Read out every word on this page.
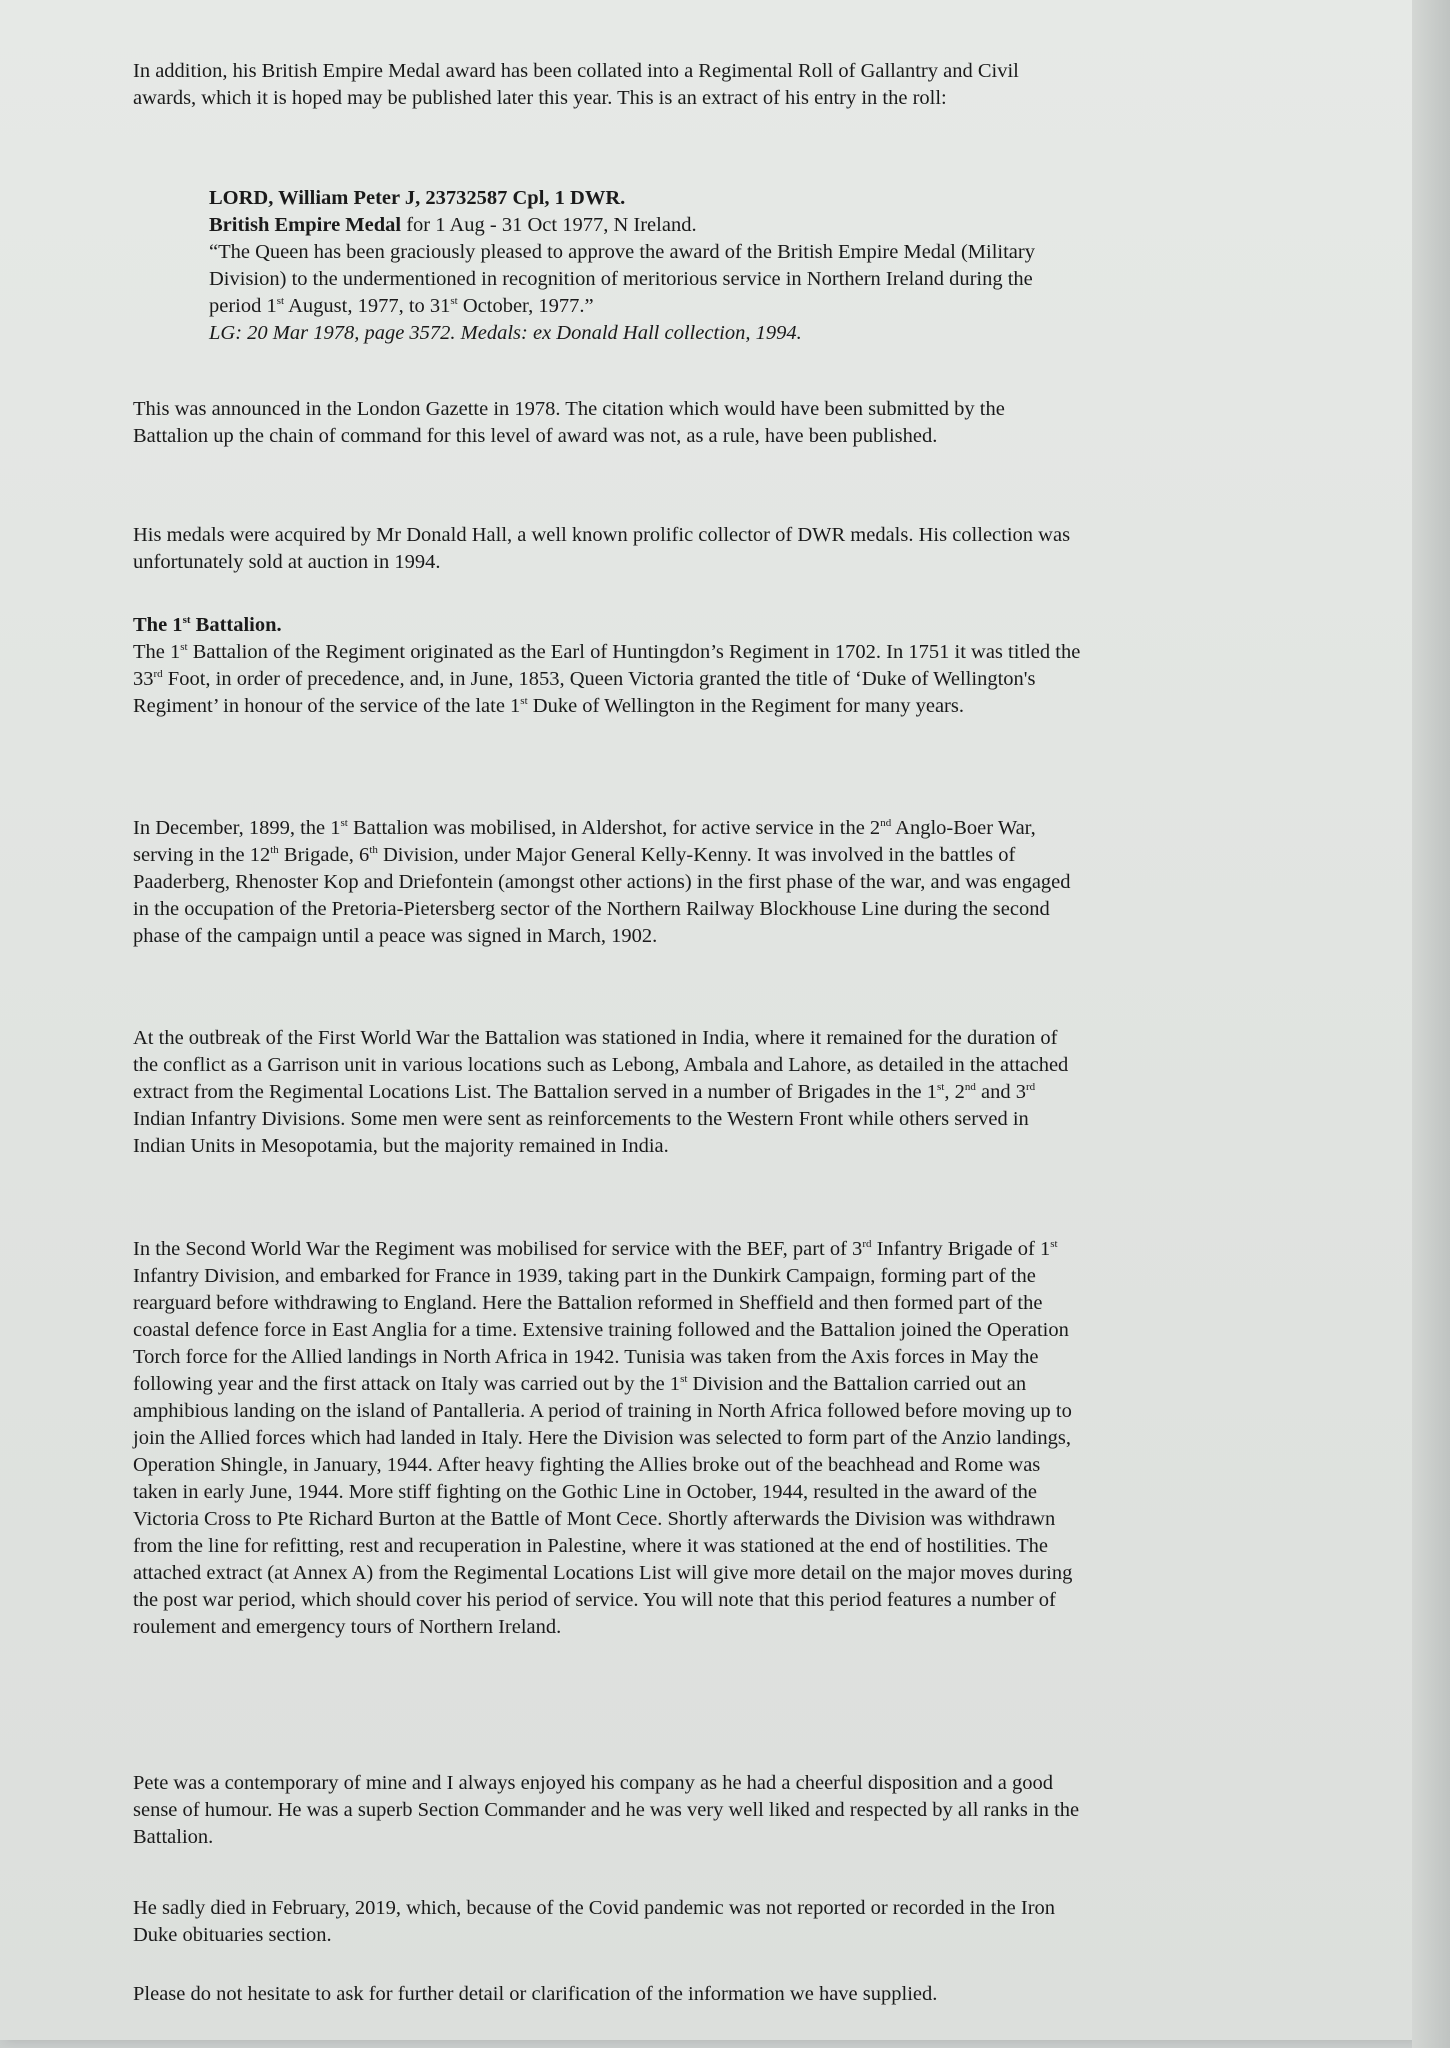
In addition, his British Empire Medal award has been collated into a Regimental Roll of Gallantry and Civil awards, which it is hoped may be published later this year. This is an extract of his entry in the roll:

LORD, William Peter J, 23732587 Cpl, 1 DWR.
British Empire Medal for 1 Aug - 31 Oct 1977, N Ireland.
“The Queen has been graciously pleased to approve the award of the British Empire Medal (Military Division) to the undermentioned in recognition of meritorious service in Northern Ireland during the period 1st August, 1977, to 31st October, 1977.”
LG: 20 Mar 1978, page 3572. Medals: ex Donald Hall collection, 1994.

This was announced in the London Gazette in 1978. The citation which would have been submitted by the Battalion up the chain of command for this level of award was not, as a rule, have been published.

His medals were acquired by Mr Donald Hall, a well known prolific collector of DWR medals. His collection was unfortunately sold at auction in 1994.

The 1st Battalion.

The 1st Battalion of the Regiment originated as the Earl of Huntingdon’s Regiment in 1702. In 1751 it was titled the 33rd Foot, in order of precedence, and, in June, 1853, Queen Victoria granted the title of ‘Duke of Wellington's Regiment’ in honour of the service of the late 1st Duke of Wellington in the Regiment for many years.

In December, 1899, the 1st Battalion was mobilised, in Aldershot, for active service in the 2nd Anglo-Boer War, serving in the 12th Brigade, 6th Division, under Major General Kelly-Kenny. It was involved in the battles of Paaderberg, Rhenoster Kop and Driefontein (amongst other actions) in the first phase of the war, and was engaged in the occupation of the Pretoria-Pietersberg sector of the Northern Railway Blockhouse Line during the second phase of the campaign until a peace was signed in March, 1902.

At the outbreak of the First World War the Battalion was stationed in India, where it remained for the duration of the conflict as a Garrison unit in various locations such as Lebong, Ambala and Lahore, as detailed in the attached extract from the Regimental Locations List. The Battalion served in a number of Brigades in the 1st, 2nd and 3rd Indian Infantry Divisions. Some men were sent as reinforcements to the Western Front while others served in Indian Units in Mesopotamia, but the majority remained in India.

In the Second World War the Regiment was mobilised for service with the BEF, part of 3rd Infantry Brigade of 1st Infantry Division, and embarked for France in 1939, taking part in the Dunkirk Campaign, forming part of the rearguard before withdrawing to England. Here the Battalion reformed in Sheffield and then formed part of the coastal defence force in East Anglia for a time. Extensive training followed and the Battalion joined the Operation Torch force for the Allied landings in North Africa in 1942. Tunisia was taken from the Axis forces in May the following year and the first attack on Italy was carried out by the 1st Division and the Battalion carried out an amphibious landing on the island of Pantalleria. A period of training in North Africa followed before moving up to join the Allied forces which had landed in Italy. Here the Division was selected to form part of the Anzio landings, Operation Shingle, in January, 1944. After heavy fighting the Allies broke out of the beachhead and Rome was taken in early June, 1944. More stiff fighting on the Gothic Line in October, 1944, resulted in the award of the Victoria Cross to Pte Richard Burton at the Battle of Mont Cece. Shortly afterwards the Division was withdrawn from the line for refitting, rest and recuperation in Palestine, where it was stationed at the end of hostilities. The attached extract (at Annex A) from the Regimental Locations List will give more detail on the major moves during the post war period, which should cover his period of service. You will note that this period features a number of roulement and emergency tours of Northern Ireland.

Pete was a contemporary of mine and I always enjoyed his company as he had a cheerful disposition and a good sense of humour. He was a superb Section Commander and he was very well liked and respected by all ranks in the Battalion.

He sadly died in February, 2019, which, because of the Covid pandemic was not reported or recorded in the Iron Duke obituaries section.

Please do not hesitate to ask for further detail or clarification of the information we have supplied.
